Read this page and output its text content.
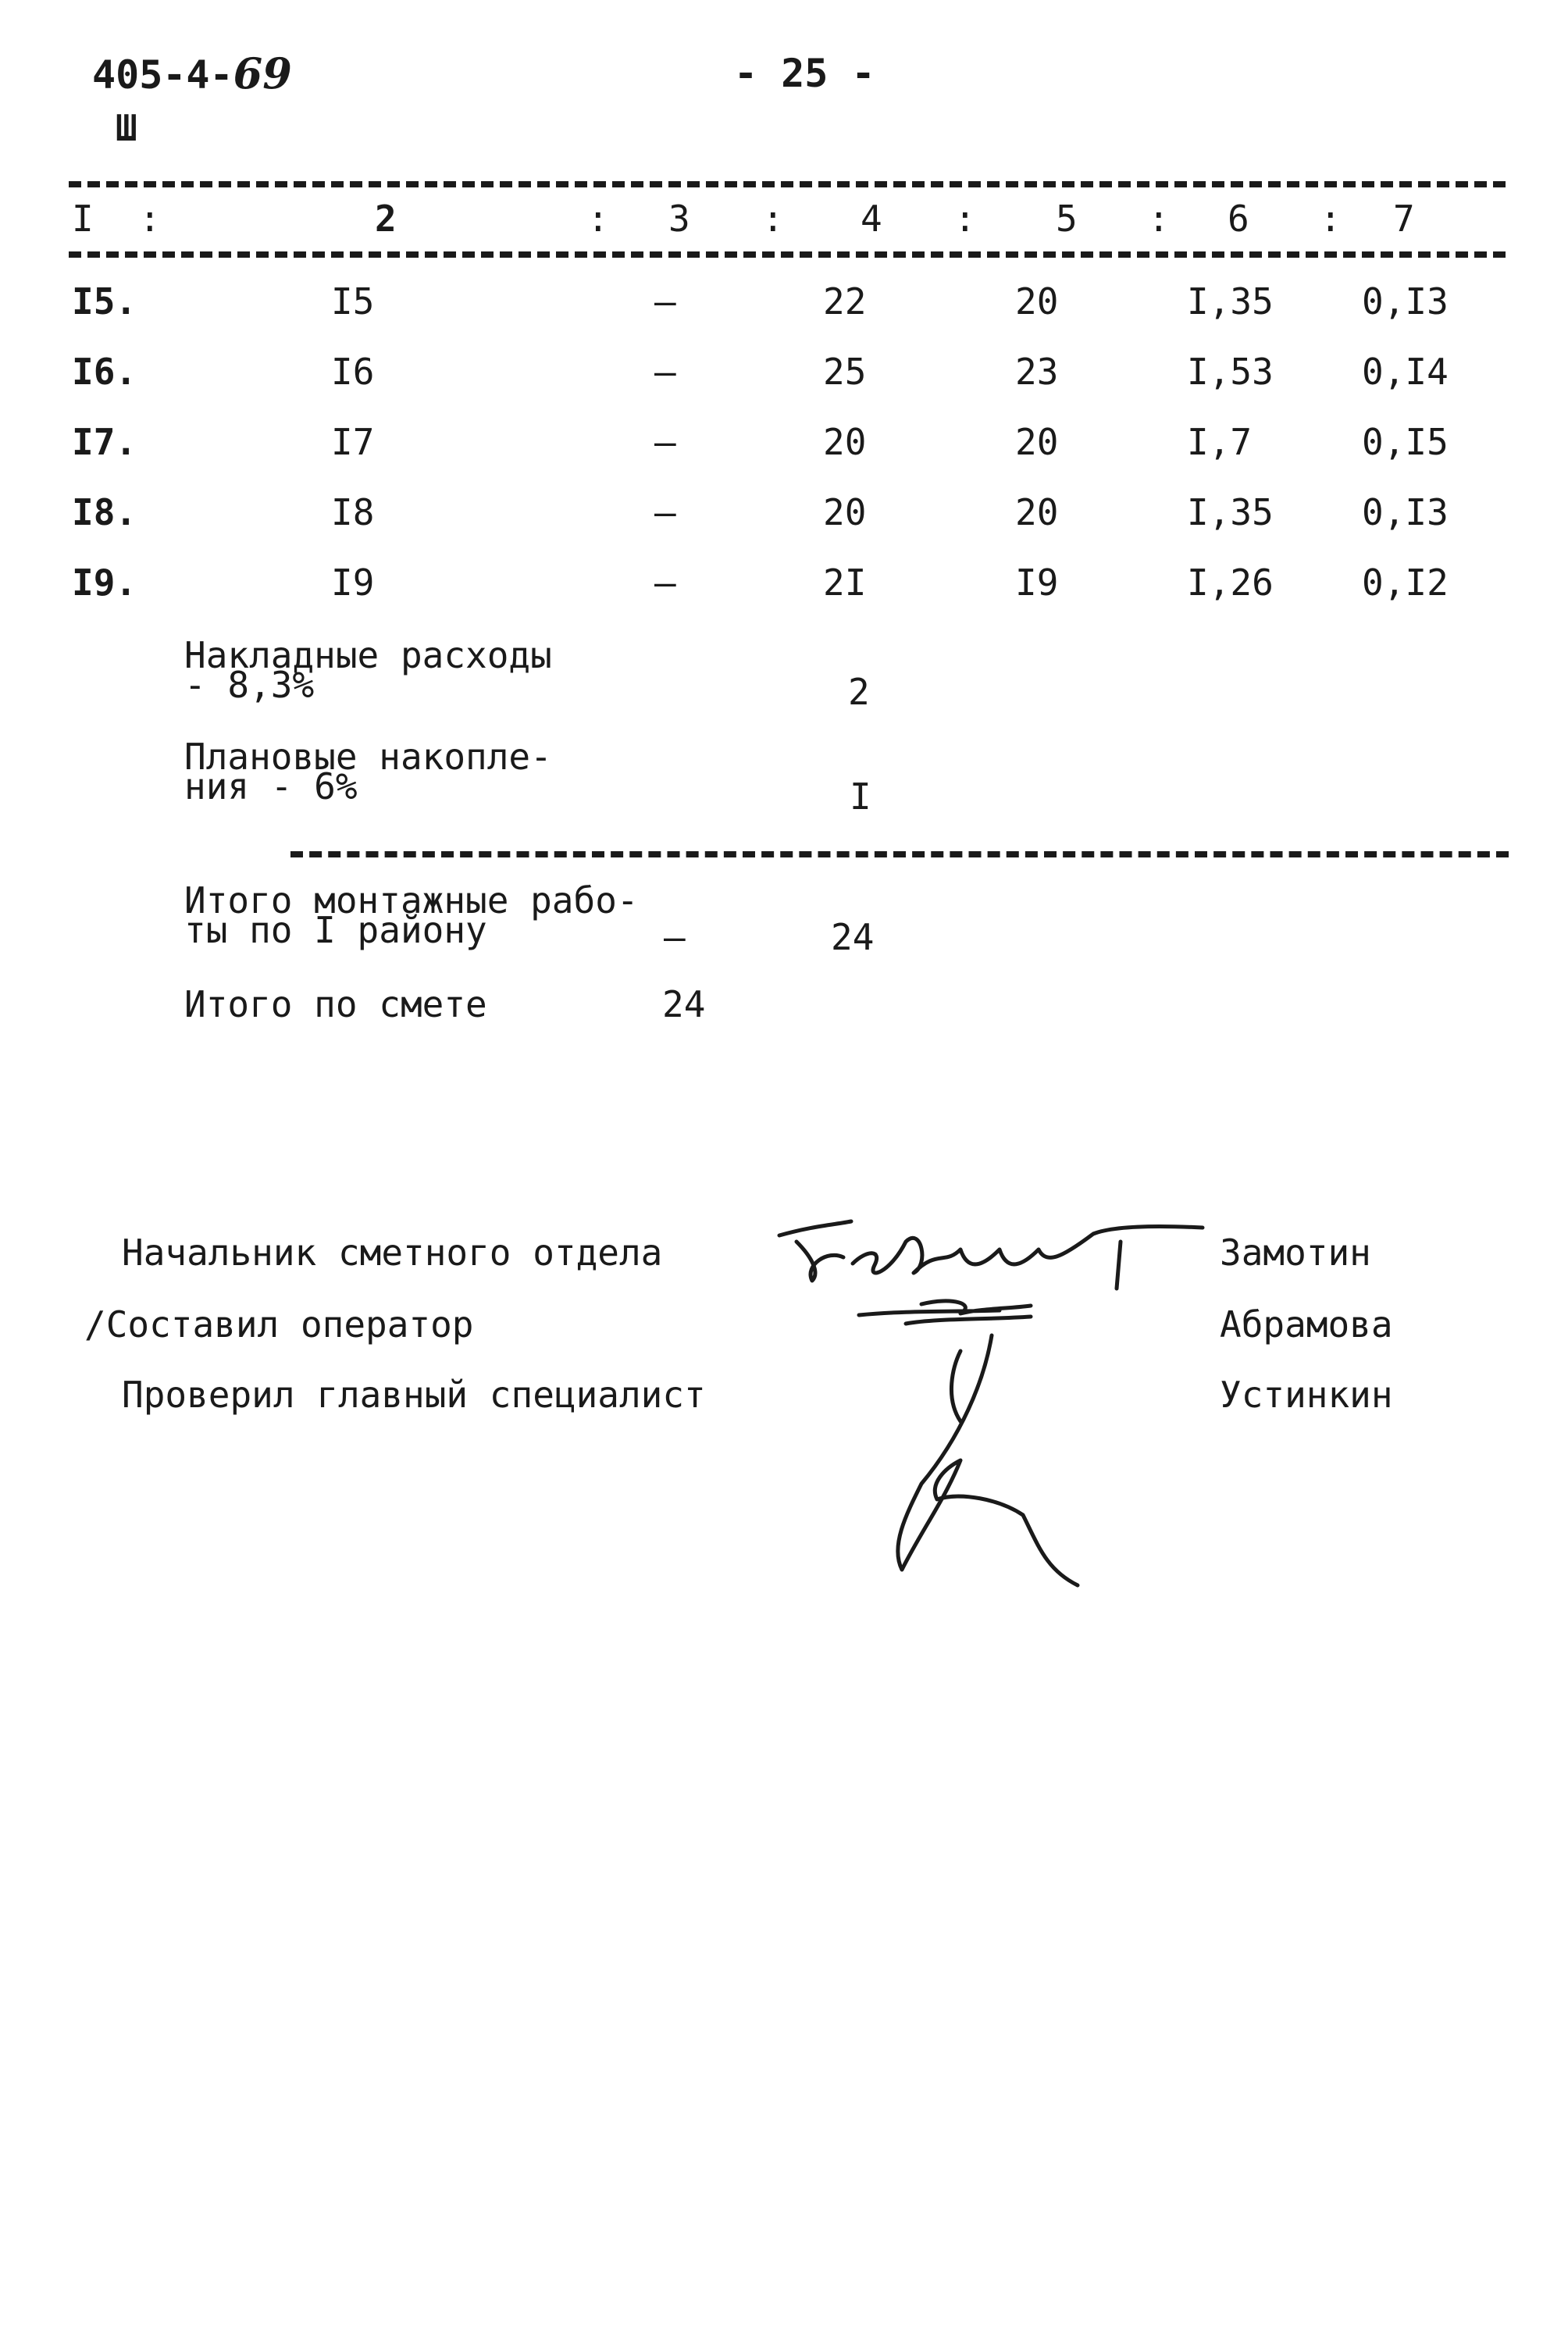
405-4-69
Ш
- 25 -
I :	2	: 3 : 4 : 5 : 6 : 7
I5.	I5	–	22	20	I,35 0,I3
I6.	I6	–	25	23	I,53 0,I4
I7.	I7	–	20	20	I,7	0,I5
I8.	I8	–	20	20	I,35 0,I3
I9.	I9	–	2I	I9	I,26 0,I2
Накладные расходы
- 8,3%	2
Плановые накопле-
ния - 6%	I
Итого монтажные рабо-
ты по I району	–	24
Итого по смете	24
Начальник сметного отдела	Замотин
/Составил оператор	Абрамова
Проверил главный специалист	Устинкин
